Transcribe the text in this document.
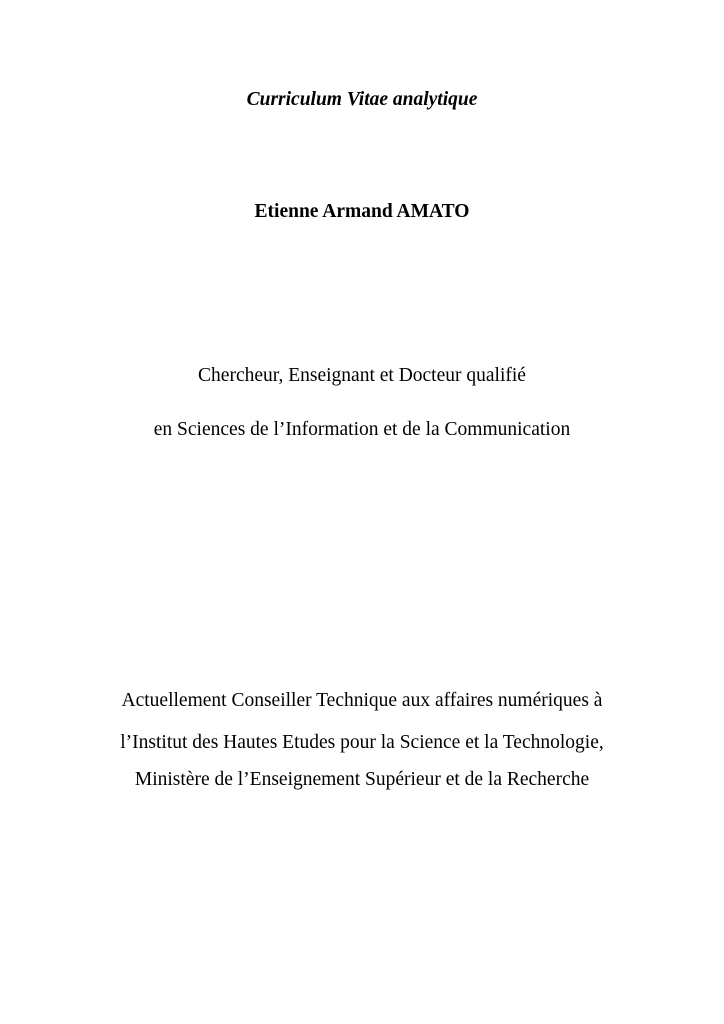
Curriculum Vitae analytique
Etienne Armand AMATO
Chercheur, Enseignant et Docteur qualifié
en Sciences de l’Information et de la Communication
Actuellement Conseiller Technique aux affaires numériques à
l’Institut des Hautes Etudes pour la Science et la Technologie,
Ministère de l’Enseignement Supérieur et de la Recherche
